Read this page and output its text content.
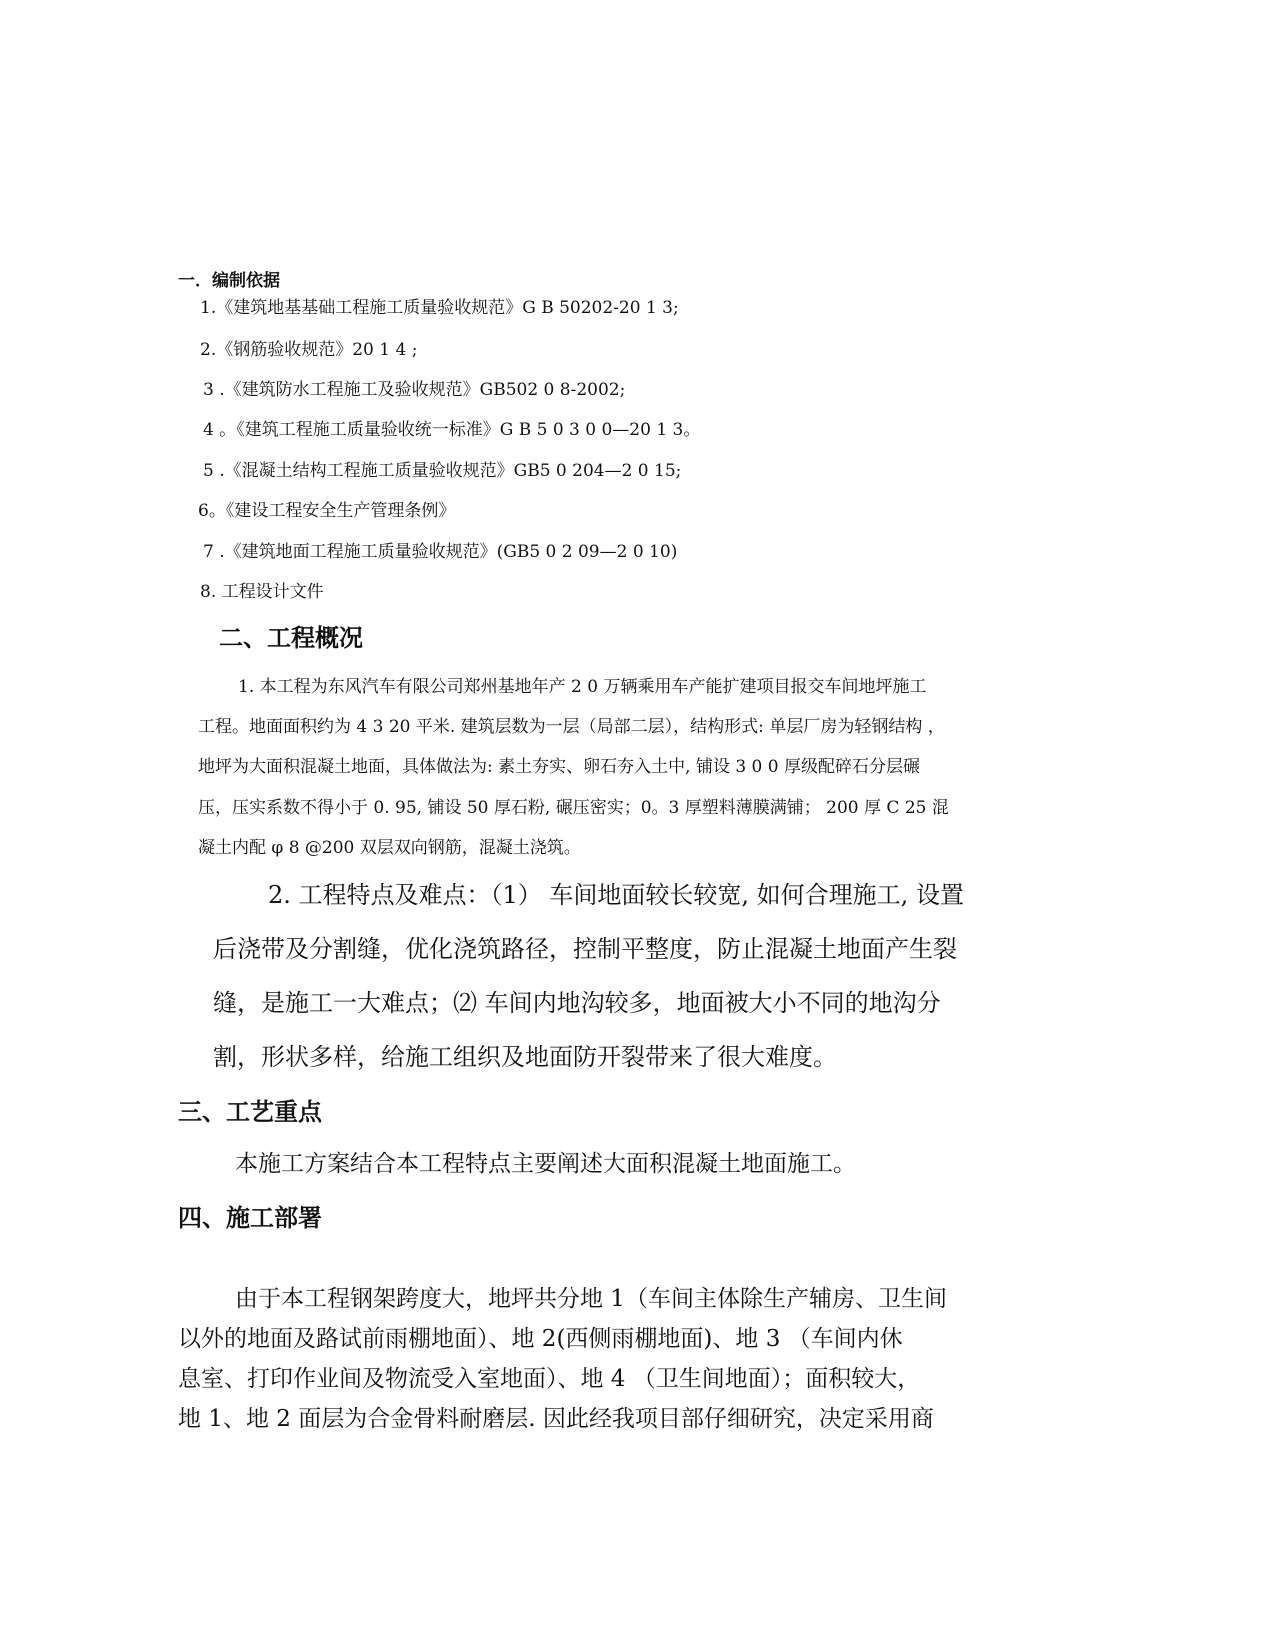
一．编制依据
1.《建筑地基基础工程施工质量验收规范》G B 50202-20 1 3;
2.《钢筋验收规范》20 1 4 ;
3 .《建筑防水工程施工及验收规范》GB502 0 8-2002;
4 。《建筑工程施工质量验收统一标准》G B 5 0 3 0 0—20 1 3。
5 .《混凝土结构工程施工质量验收规范》GB5 0 204—2 0 15;
6。《建设工程安全生产管理条例》
7 .《建筑地面工程施工质量验收规范》(GB5 0 2 09—2 0 10)
8. 工程设计文件
二、工程概况
1. 本工程为东风汽车有限公司郑州基地年产 2 0 万辆乘用车产能扩建项目报交车间地坪施工
工程。地面面积约为 4 3 20 平米. 建筑层数为一层（局部二层），结构形式: 单层厂房为轻钢结构 ，
地坪为大面积混凝土地面，具体做法为: 素土夯实、卵石夯入土中, 铺设 3 0 0 厚级配碎石分层碾
压，压实系数不得小于 0. 95, 铺设 50 厚石粉, 碾压密实；0。3 厚塑料薄膜满铺； 200 厚 C 25 混
凝土内配 φ 8 @200 双层双向钢筋，混凝土浇筑。
2. 工程特点及难点：（1） 车间地面较长较宽, 如何合理施工, 设置
后浇带及分割缝，优化浇筑路径，控制平整度，防止混凝土地面产生裂
缝，是施工一大难点；⑵ 车间内地沟较多，地面被大小不同的地沟分
割，形状多样，给施工组织及地面防开裂带来了很大难度。
三、工艺重点
本施工方案结合本工程特点主要阐述大面积混凝土地面施工。
四、施工部署
由于本工程钢架跨度大，地坪共分地 1（车间主体除生产辅房、卫生间
以外的地面及路试前雨棚地面）、地 2(西侧雨棚地面)、地 3 （车间内休
息室、打印作业间及物流受入室地面）、地 4 （卫生间地面）；面积较大，
地 1、地 2 面层为合金骨料耐磨层. 因此经我项目部仔细研究，决定采用商
